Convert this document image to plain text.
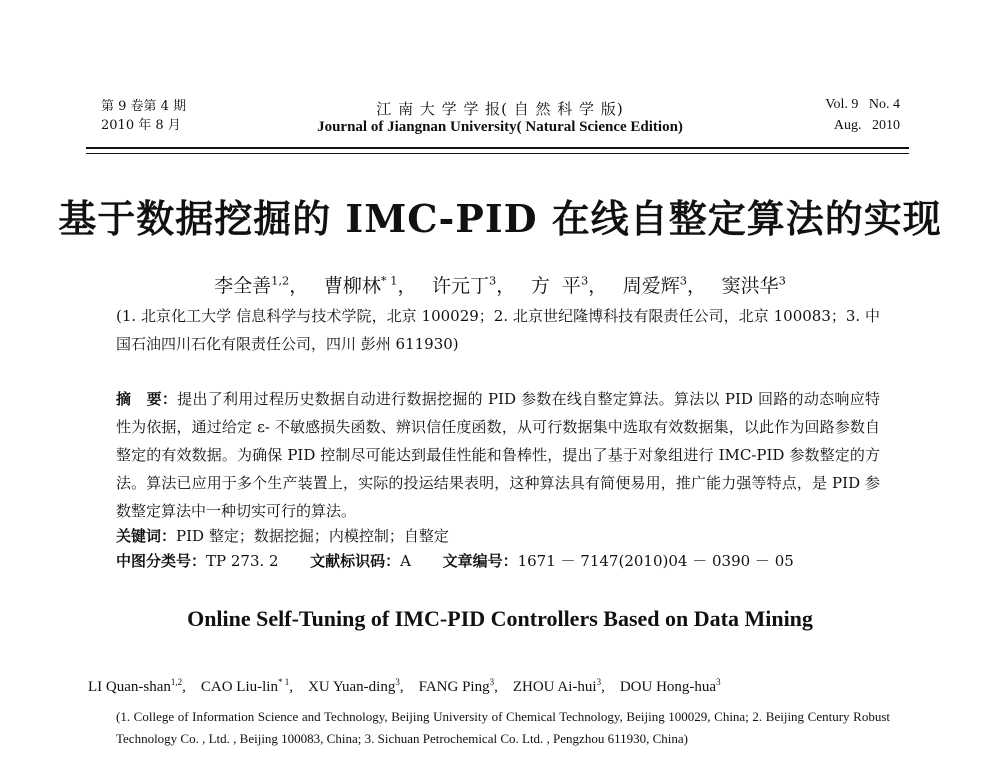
第 9 卷第 4 期
2010 年 8 月
江 南 大 学 学 报( 自 然 科 学 版)
Journal of Jiangnan University( Natural Science Edition)
Vol. 9   No. 4
Aug.   2010
基于数据挖掘的 IMC-PID 在线自整定算法的实现
李全善$^{1,2}$，　 曹柳林$^{* 1}$，　 许元丁$^3$，　 方  平$^3$，　 周爱辉$^3$，　 窦洪华$^3$
(1. 北京化工大学 信息科学与技术学院，北京 100029；2. 北京世纪隆博科技有限责任公司，北京 100083；3. 中国石油四川石化有限责任公司，四川 彭州 611930)
摘　要：提出了利用过程历史数据自动进行数据挖掘的 PID 参数在线自整定算法。算法以 PID 回路的动态响应特性为依据，通过给定 ε- 不敏感损失函数、辨识信任度函数，从可行数据集中选取有效数据集，以此作为回路参数自整定的有效数据。为确保 PID 控制尽可能达到最佳性能和鲁棒性，提出了基于对象组进行 IMC-PID 参数整定的方法。算法已应用于多个生产装置上，实际的投运结果表明，这种算法具有简便易用，推广能力强等特点，是 PID 参数整定算法中一种切实可行的算法。
关键词：PID 整定；数据挖掘；内模控制；自整定
中图分类号：TP 273. 2 文献标识码：A 文章编号：1671 － 7147(2010)04 － 0390 － 05
Online Self-Tuning of IMC-PID Controllers Based on Data Mining
LI Quan-shan$^{1,2}$,    CAO Liu-lin$^{* 1}$,    XU Yuan-ding$^3$,    FANG Ping$^3$,    ZHOU Ai-hui$^3$,    DOU Hong-hua$^3$
(1. College of Information Science and Technology, Beijing University of Chemical Technology, Beijing 100029, China; 2. Beijing Century Robust Technology Co. , Ltd. , Beijing 100083, China; 3. Sichuan Petrochemical Co. Ltd. , Pengzhou 611930, China)
